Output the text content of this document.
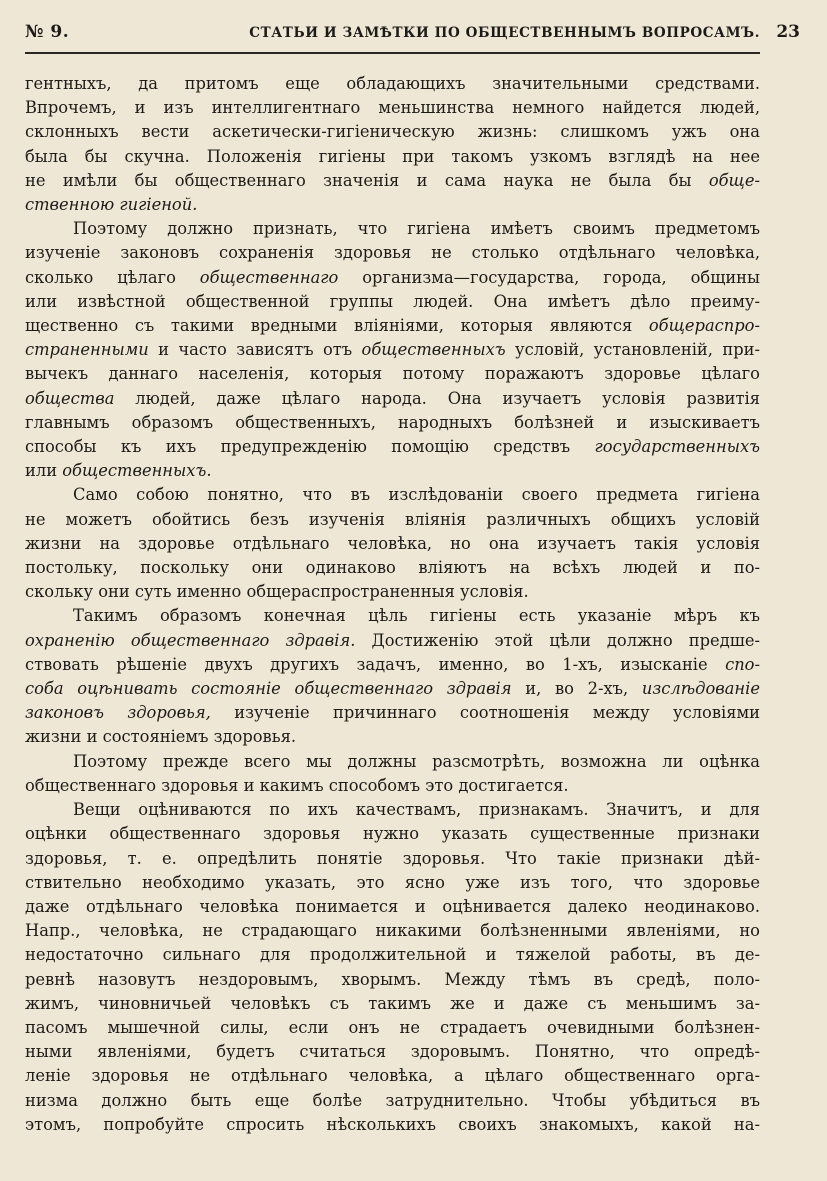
№ 9.	СТАТЬИ И ЗАМѢТКИ ПО ОБЩЕСТВЕННЫМЪ ВОПРОСАМЪ. 23
гентныхъ, да притомъ еще обладающихъ значительными средствами.
Впрочемъ, и изъ интеллигентнаго меньшинства немного найдется людей,
склонныхъ вести аскетически-гигіеническую жизнь: слишкомъ ужъ она
была бы скучна. Положенія гигіены при такомъ узкомъ взглядѣ на нее
не имѣли бы общественнаго значенія и сама наука не была бы обще-
ственною гигіеной.
Поэтому должно признать, что гигіена имѣетъ своимъ предметомъ
изученіе законовъ сохраненія здоровья не столько отдѣльнаго человѣка,
сколько цѣлаго общественнаго организма—государства, города, общины
или извѣстной общественной группы людей. Она имѣетъ дѣло преиму-
щественно съ такими вредными вліяніями, которыя являются общераспро-
страненными и часто зависятъ отъ общественныхъ условій, установленій, при-
вычекъ даннаго населенія, которыя потому поражаютъ здоровье цѣлаго
общества людей, даже цѣлаго народа. Она изучаетъ условія развитія
главнымъ образомъ общественныхъ, народныхъ болѣзней и изыскиваетъ
способы къ ихъ предупрежденію помощію средствъ государственныхъ
или общественныхъ.
Само собою понятно, что въ изслѣдованіи своего предмета гигіена
не можетъ обойтись безъ изученія вліянія различныхъ общихъ условій
жизни на здоровье отдѣльнаго человѣка, но она изучаетъ такія условія
постольку, поскольку они одинаково вліяютъ на всѣхъ людей и по-
скольку они суть именно общераспространенныя условія.
Такимъ образомъ конечная цѣль гигіены есть указаніе мѣръ къ
охраненію общественнаго здравія. Достиженію этой цѣли должно предше-
ствовать рѣшеніе двухъ другихъ задачъ, именно, во 1-хъ, изысканіе спо-
соба оцѣнивать состояніе общественнаго здравія и, во 2-хъ, изслѣдованіе
законовъ здоровья, изученіе причиннаго соотношенія между условіями
жизни и состояніемъ здоровья.
Поэтому прежде всего мы должны разсмотрѣть, возможна ли оцѣнка
общественнаго здоровья и какимъ способомъ это достигается.
Вещи оцѣниваются по ихъ качествамъ, признакамъ. Значитъ, и для
оцѣнки общественнаго здоровья нужно указать существенные признаки
здоровья, т. е. опредѣлить понятіе здоровья. Что такіе признаки дѣй-
ствительно необходимо указать, это ясно уже изъ того, что здоровье
даже отдѣльнаго человѣка понимается и оцѣнивается далеко неодинаково.
Напр., человѣка, не страдающаго никакими болѣзненными явленіями, но
недостаточно сильнаго для продолжительной и тяжелой работы, въ де-
ревнѣ назовутъ нездоровымъ, хворымъ. Между тѣмъ въ средѣ, поло-
жимъ, чиновничьей человѣкъ съ такимъ же и даже съ меньшимъ за-
пасомъ мышечной силы, если онъ не страдаетъ очевидными болѣзнен-
ными явленіями, будетъ считаться здоровымъ. Понятно, что опредѣ-
леніе здоровья не отдѣльнаго человѣка, а цѣлаго общественнаго орга-
низма должно быть еще болѣе затруднительно. Чтобы убѣдиться въ
этомъ, попробуйте спросить нѣсколькихъ своихъ знакомыхъ, какой на-
